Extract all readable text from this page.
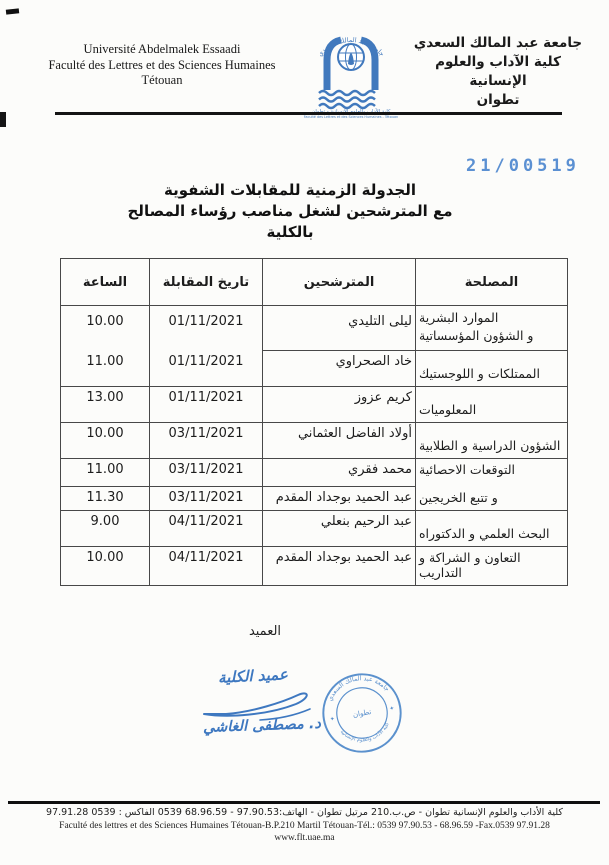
Université Abdelmalek Essaadi
Faculté des Lettres et des Sciences Humaines
Tétouan
جامعة عبد المالك السعدي
Faculté des Lettres et des Sciences Humaines - Tétouan
جامعة عبد المالك السعدي
كلية الآداب والعلوم الإنسانية
تطوان
21/00519
الجدولة الزمنية للمقابلات الشفوية
مع المترشحين لشغل مناصب رؤساء المصالح بالكلية
المصلحة	المترشحين	تاريخ المقابلة	الساعة

الموارد البشرية
و الشؤون المؤسساتية	ليلى التليدي	01/11/2021	10.00
الممتلكات و اللوجستيك	خاد الصحراوي	01/11/2021	11.00
المعلوميات	كريم عزوز	01/11/2021	13.00
الشؤون الدراسية و الطلابية	أولاد الفاضل العثماني	03/11/2021	10.00

التوقعات الاحصائية
و تتبع الخريجين	محمد فقري	03/11/2021	11.00
	عبد الحميد بوجداد المقدم	03/11/2021	11.30
البحث العلمي و الدكتوراه	عبد الرحيم بنعلي	04/11/2021	9.00
التعاون و الشراكة و التداريب	عبد الحميد بوجداد المقدم	04/11/2021	10.00
العميد
عميد الكلية
د. مصطفى الغاشي
جامعة عبد المالك السعدي
كلية الآداب والعلوم الإنسانية
تطوان
✦
✦
كلية الأداب والعلوم الإنسانية تطوان - ص.ب.210 مرتيل تطوان - الهاتف:97.90.53 - 68.96.59 0539 الفاكس : 0539 97.91.28
Faculté des lettres et des Sciences Humaines Tétouan-B.P.210 Martil Tétouan-Tél.: 0539 97.90.53 - 68.96.59 -Fax.0539 97.91.28
www.flt.uae.ma
